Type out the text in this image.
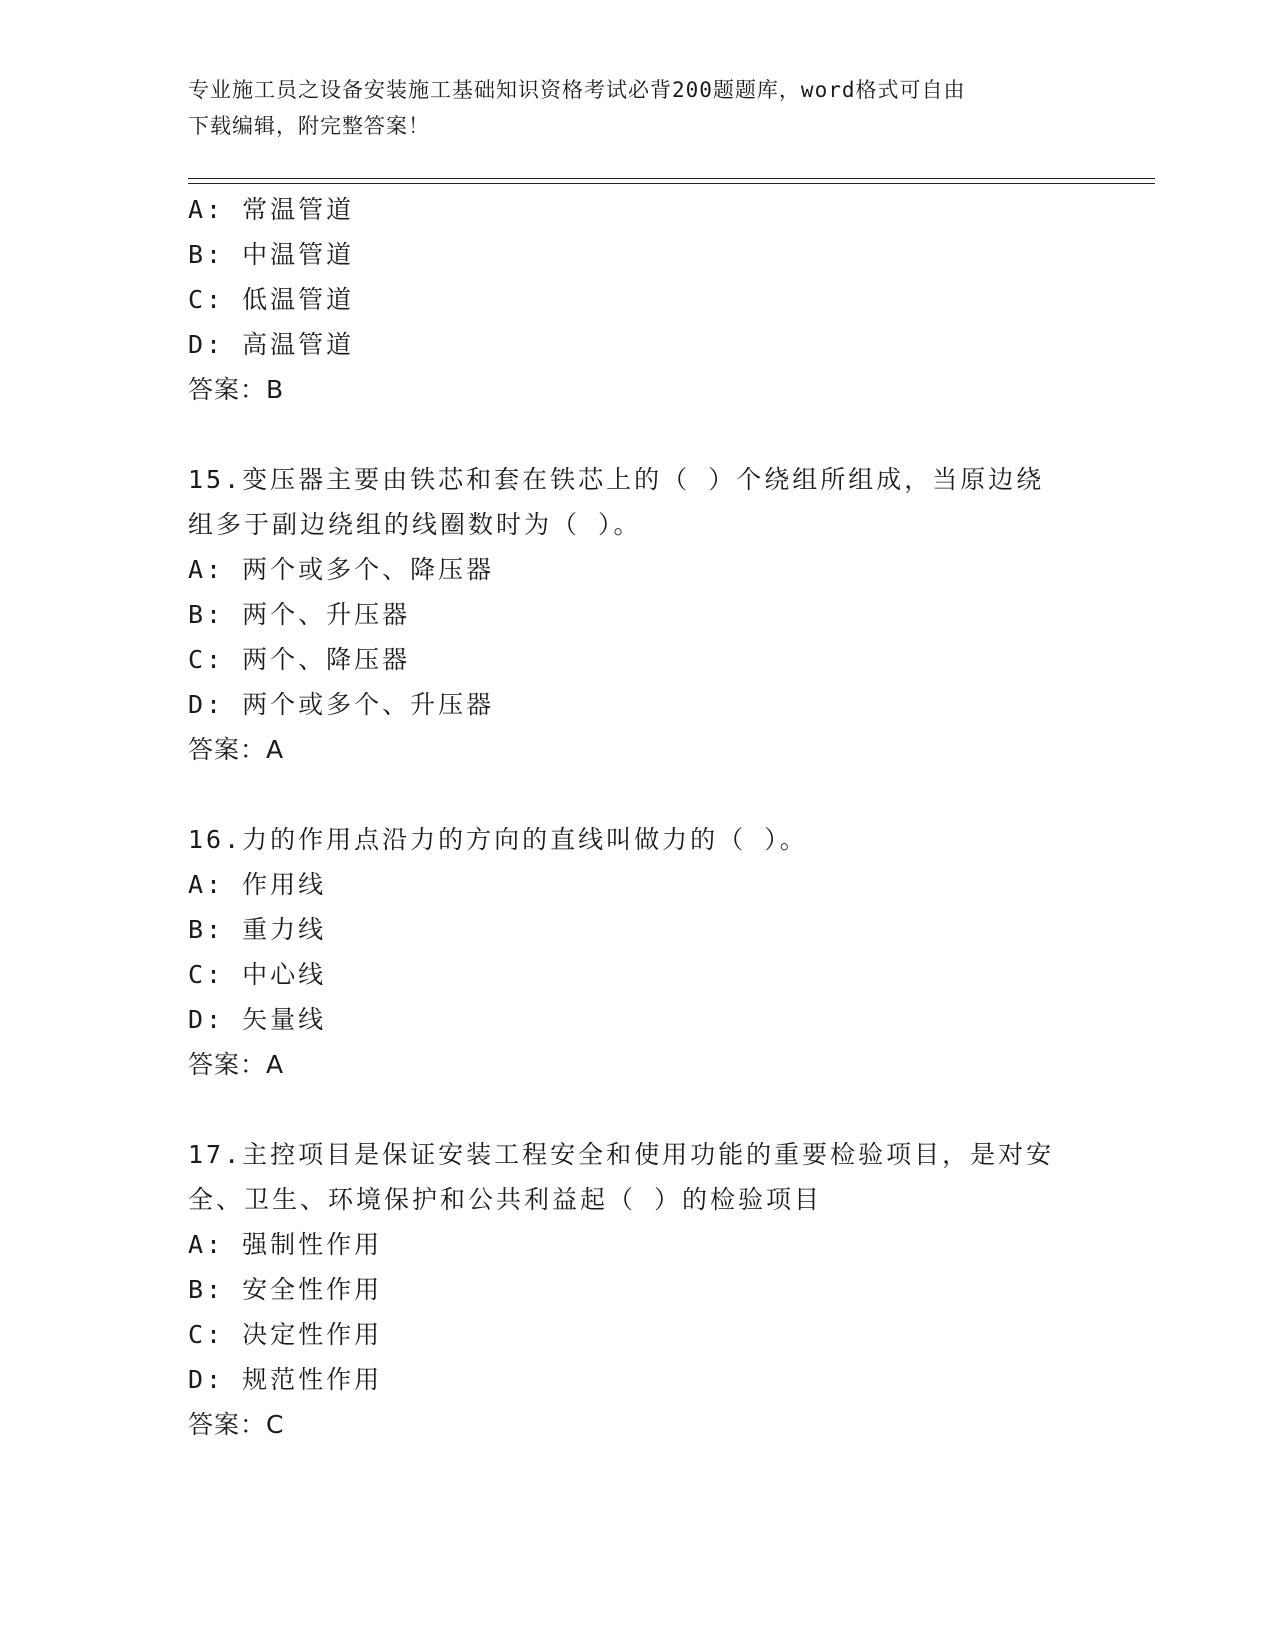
专业施工员之设备安装施工基础知识资格考试必背200题题库，word格式可自由
下载编辑，附完整答案！
A: 常温管道
B: 中温管道
C: 低温管道
D: 高温管道
答案：B
15.变压器主要由铁芯和套在铁芯上的（ ）个绕组所组成，当原边绕
组多于副边绕组的线圈数时为（ ）。
A: 两个或多个、降压器
B: 两个、升压器
C: 两个、降压器
D: 两个或多个、升压器
答案：A
16.力的作用点沿力的方向的直线叫做力的（ ）。
A: 作用线
B: 重力线
C: 中心线
D: 矢量线
答案：A
17.主控项目是保证安装工程安全和使用功能的重要检验项目，是对安
全、卫生、环境保护和公共利益起（ ）的检验项目
A: 强制性作用
B: 安全性作用
C: 决定性作用
D: 规范性作用
答案：C
